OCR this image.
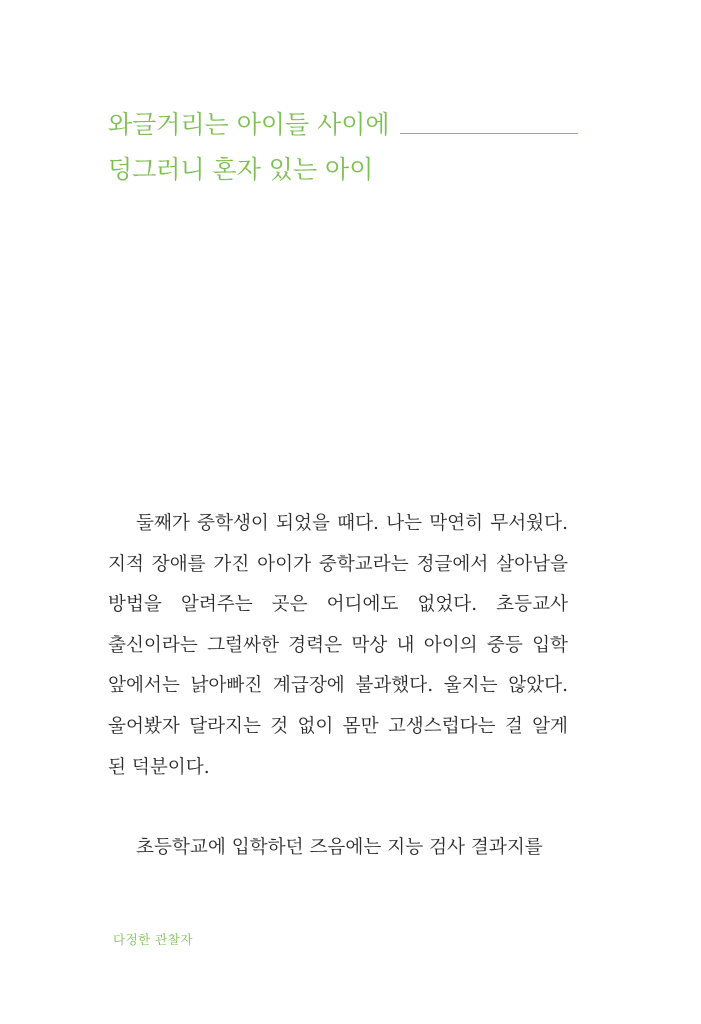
와글거리는 아이들 사이에
덩그러니 혼자 있는 아이

둘째가 중학생이 되었을 때다. 나는 막연히 무서웠다. 지적 장애를 가진 아이가 중학교라는 정글에서 살아남을 방법을 알려주는 곳은 어디에도 없었다. 초등교사 출신이라는 그럴싸한 경력은 막상 내 아이의 중등 입학 앞에서는 낡아빠진 계급장에 불과했다. 울지는 않았다. 울어봤자 달라지는 것 없이 몸만 고생스럽다는 걸 알게 된 덕분이다.

초등학교에 입학하던 즈음에는 지능 검사 결과지를

다정한 관찰자
